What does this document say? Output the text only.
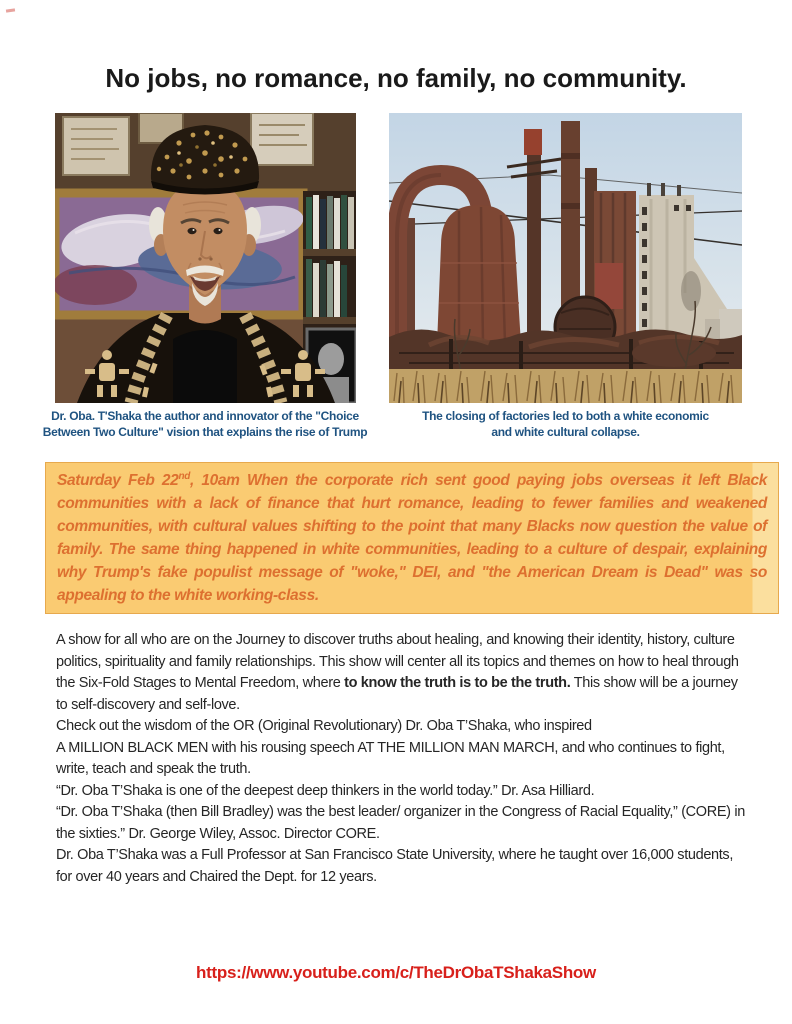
No jobs, no romance, no family, no community.
Dr. Oba. T'Shaka the author and innovator of the "Choice
Between Two Culture" vision that explains the rise of Trump
The closing of factories led to both a white economic
and white cultural collapse.
Saturday Feb 22nd, 10am When the corporate rich sent good paying jobs overseas it left Black communities with a lack of finance that hurt romance, leading to fewer families and weakened communities, with cultural values shifting to the point that many Blacks now question the value of family. The same thing happened in white communities, leading to a culture of despair, explaining why Trump's fake populist message of "woke," DEI, and "the American Dream is Dead" was so appealing to the white working-class.

A show for all who are on the Journey to discover truths about healing, and knowing their identity, history, culture politics, spirituality and family relationships. This show will center all its topics and themes on how to heal through the Six-Fold Stages to Mental Freedom, where to know the truth is to be the truth. This show will be a journey to self-discovery and self-love.

Check out the wisdom of the OR (Original Revolutionary) Dr. Oba T’Shaka, who inspired
A MILLION BLACK MEN with his rousing speech AT THE MILLION MAN MARCH, and who continues to fight, write, teach and speak the truth.

“Dr. Oba T’Shaka is one of the deepest deep thinkers in the world today.” Dr. Asa Hilliard.

“Dr. Oba T’Shaka (then Bill Bradley) was the best leader/ organizer in the Congress of Racial Equality,” (CORE) in the sixties.” Dr. George Wiley, Assoc. Director CORE.

Dr. Oba T’Shaka was a Full Professor at San Francisco State University, where he taught over 16,000 students, for over 40 years and Chaired the Dept. for 12 years.

https://www.youtube.com/c/TheDrObaTShakaShow
